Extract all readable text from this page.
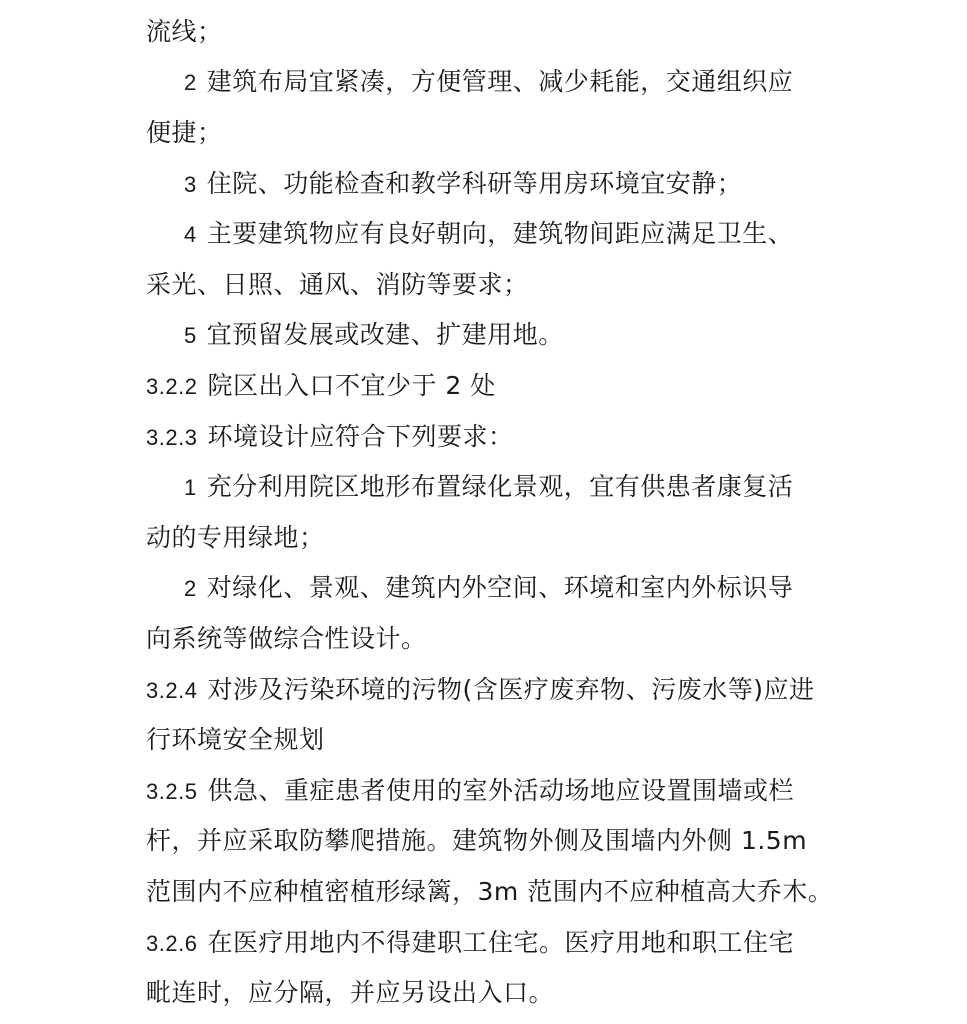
流线；
2 建筑布局宜紧凑，方便管理、减少耗能，交通组织应
便捷；
3 住院、功能检查和教学科研等用房环境宜安静；
4 主要建筑物应有良好朝向，建筑物间距应满足卫生、
采光、日照、通风、消防等要求；
5 宜预留发展或改建、扩建用地。
3.2.2 院区出入口不宜少于 2 处
3.2.3 环境设计应符合下列要求：
1 充分利用院区地形布置绿化景观，宜有供患者康复活
动的专用绿地；
2 对绿化、景观、建筑内外空间、环境和室内外标识导
向系统等做综合性设计。
3.2.4 对涉及污染环境的污物(含医疗废弃物、污废水等)应进
行环境安全规划
3.2.5 供急、重症患者使用的室外活动场地应设置围墙或栏
杆，并应采取防攀爬措施。建筑物外侧及围墙内外侧 1.5m
范围内不应种植密植形绿篱，3m 范围内不应种植高大乔木。
3.2.6 在医疗用地内不得建职工住宅。医疗用地和职工住宅
毗连时，应分隔，并应另设出入口。
